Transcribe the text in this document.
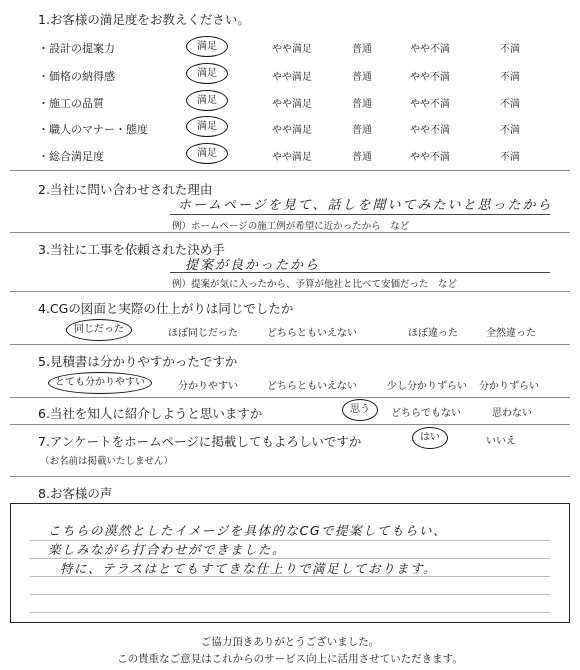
1.お客様の満足度をお教えください。
・設計の提案力	満足	やや満足	普通	やや不満	不満
・価格の納得感	満足	やや満足	普通	やや不満	不満
・施工の品質	満足	やや満足	普通	やや不満	不満
・職人のマナー・態度	満足	やや満足	普通	やや不満	不満
・総合満足度	満足	やや満足	普通	やや不満	不満
2.当社に問い合わせされた理由
ホームページを見て、話しを聞いてみたいと思ったから
例）ホームページの施工例が希望に近かったから　など
3.当社に工事を依頼された決め手
提案が良かったから
例）提案が気に入ったから、予算が他社と比べて安価だった　など
4.CGの図面と実際の仕上がりは同じでしたか
同じだった	ほぼ同じだった	どちらともいえない	ほぼ違った	全然違った
5.見積書は分かりやすかったですか
とても分かりやすい	分かりやすい	どちらともいえない	少し分かりずらい	分かりずらい
6.当社を知人に紹介しようと思いますか	思う	どちらでもない	思わない
7.アンケートをホームページに掲載してもよろしいですか	はい	いいえ
（お名前は掲載いたしません）
8.お客様の声
こちらの漠然としたイメージを具体的なCGで提案してもらい、
楽しみながら打合わせができました。
特に、テラスはとてもすてきな仕上りで満足しております。
ご協力頂きありがとうございました。
この貴重なご意見はこれからのサービス向上に活用させていただきます。
